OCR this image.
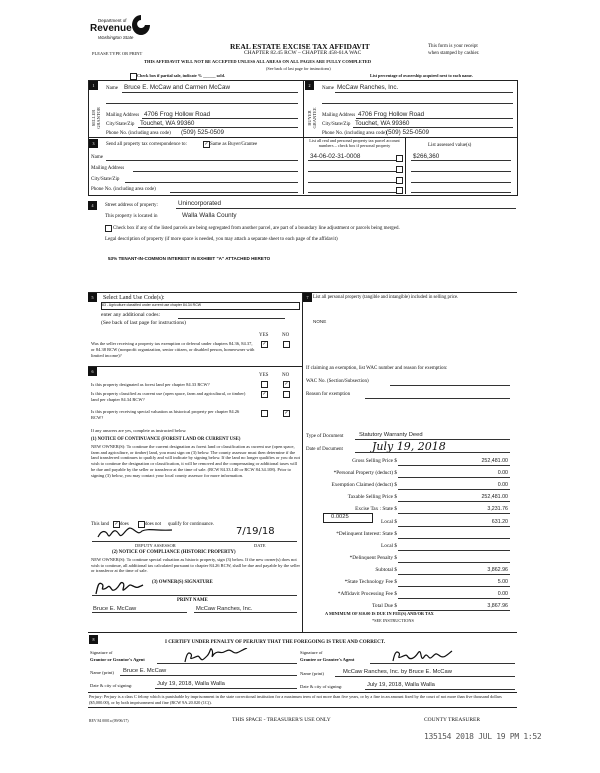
Department of
Revenue
Washington State
REAL ESTATE EXCISE TAX AFFIDAVIT
PLEASE TYPE OR PRINT	CHAPTER 82.45 RCW – CHAPTER 458-61A WAC
This form is your receipt
when stamped by cashier.
THIS AFFIDAVIT WILL NOT BE ACCEPTED UNLESS ALL AREAS ON ALL PAGES ARE FULLY COMPLETED
(See back of last page for instructions)
Check box if partial sale, indicate % ______ sold.	List percentage of ownership acquired next to each name.
1
SELLER GRANTOR
Name Bruce E. McCaw and Carmen McCaw
Mailing Address 4706 Frog Hollow Road
City/State/Zip Touchet, WA 99360
Phone No. (including area code) (509) 525-0509
2
BUYER GRANTEE
Name McCaw Ranches, Inc.
Mailing Address 4706 Frog Hollow Road
City/State/Zip Touchet, WA 99360
Phone No. (including area code) (509) 525-0509
3	Send all property tax correspondence to:	✓ Same as Buyer/Grantee
Name
Mailing Address
City/State/Zip
Phone No. (including area code)
List all real and personal property tax parcel account numbers – check box if personal property	List assessed value(s)
34-06-02-31-0008	$266,360
4	Street address of property:	Unincorporated
This property is located in	Walla Walla County
Check box if any of the listed parcels are being segregated from another parcel, are part of a boundary line adjustment or parcels being merged.
Legal description of property (if more space is needed, you may attach a separate sheet to each page of the affidavit)
53% TENANT-IN-COMMON INTEREST IN EXHIBIT "A" ATTACHED HERETO
5	Select Land Use Code(s):
83 - Agriculture classified under current use chapter 84.34 RCW
enter any additional codes:
(See back of last page for instructions)
YES	NO
Was the seller receiving a property tax exemption or deferral under chapters 84.36, 84.37, or 84.38 RCW (nonprofit organization, senior citizen, or disabled person, homeowner with limited income)?
✓
6
YES	NO
Is this property designated as forest land per chapter 84.33 RCW?	✓
Is this property classified as current use (open space, farm and agricultural, or timber) land per chapter 84.34 RCW?
✓
Is this property receiving special valuation as historical property per chapter 84.26 RCW?
✓
If any answers are yes, complete as instructed below.
(1) NOTICE OF CONTINUANCE (FOREST LAND OR CURRENT USE)
NEW OWNER(S): To continue the current designation as forest land or classification as current use (open space, farm and agriculture, or timber) land, you must sign on (3) below. The county assessor must then determine if the land transferred continues to qualify and will indicate by signing below. If the land no longer qualifies or you do not wish to continue the designation or classification, it will be removed and the compensating or additional taxes will be due and payable by the seller or transferor at the time of sale. (RCW 84.33.140 or RCW 84.34.108). Prior to signing (3) below, you may contact your local county assessor for more information.
This land ✓ does	does not qualify for continuance.
7/19/18
DEPUTY ASSESSOR	DATE
(2) NOTICE OF COMPLIANCE (HISTORIC PROPERTY)
NEW OWNER(S): To continue special valuation as historic property, sign (3) below. If the new owner(s) does not wish to continue, all additional tax calculated pursuant to chapter 84.26 RCW, shall be due and payable by the seller or transferor at the time of sale.
(3) OWNER(S) SIGNATURE
PRINT NAME
Bruce E. McCaw	McCaw Ranches, Inc.
7 List all personal property (tangible and intangible) included in selling price.
NONE
If claiming an exemption, list WAC number and reason for exemption:
WAC No. (Section/Subsection)
Reason for exemption
Type of Document	Statutory Warranty Deed
Date of Document	July 19, 2018
Gross Selling Price $	252,481.00
*Personal Property (deduct) $	0.00
Exemption Claimed (deduct) $	0.00
Taxable Selling Price $	252,481.00
Excise Tax : State $	3,231.76
Local $	631.20
*Delinquent Interest: State $
Local $
*Delinquent Penalty $
Subtotal $	3,862.96
*State Technology Fee $	5.00
*Affidavit Processing Fee $	0.00
Total Due $	3,867.96
0.0025
A MINIMUM OF $10.00 IS DUE IN FEE(S) AND/OR TAX
*SEE INSTRUCTIONS
8
I CERTIFY UNDER PENALTY OF PERJURY THAT THE FOREGOING IS TRUE AND CORRECT.
Signature of
Grantor or Grantor's Agent
Signature of
Grantee or Grantee's Agent
Name (print) Bruce E. McCaw	Name (print)	McCaw Ranches, Inc. by Bruce E. McCaw
Date & city of signing:	July 19, 2018, Walla Walla	Date & city of signing:	July 19, 2018, Walla Walla
Perjury: Perjury is a class C felony which is punishable by imprisonment in the state correctional institution for a maximum term of not more than five years, or by a fine in an amount fixed by the court of not more than five thousand dollars ($5,000.00), or by both imprisonment and fine (RCW 9A.20.020 (1C)).
REV 84 0001a (09/06/17)	THIS SPACE - TREASURER'S USE ONLY	COUNTY TREASURER
135154 2018 JUL 19 PM 1:52
